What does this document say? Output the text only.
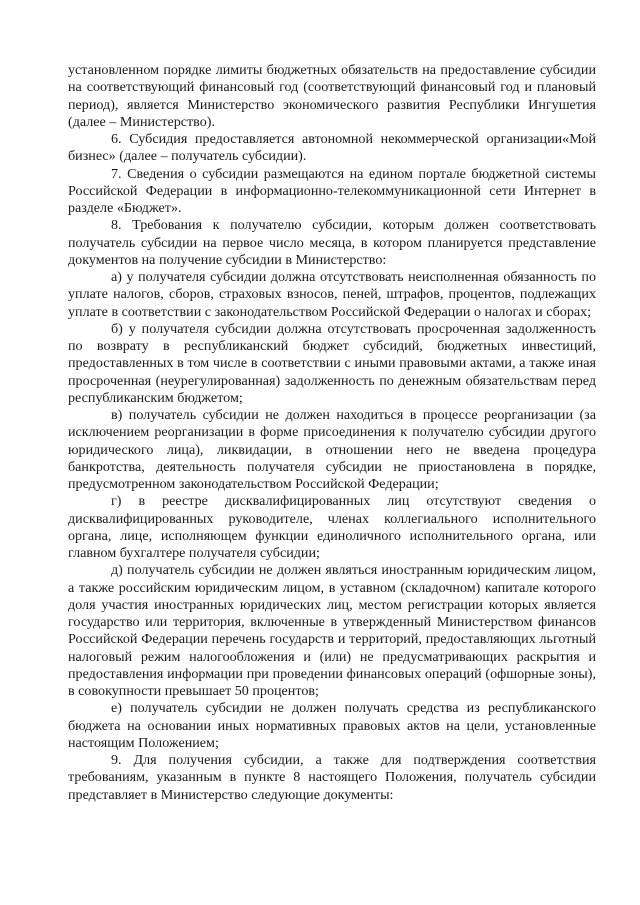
установленном порядке лимиты бюджетных обязательств на предоставление субсидии на соответствующий финансовый год (соответствующий финансовый год и плановый период), является Министерство экономического развития Республики Ингушетия (далее – Министерство).

6. Субсидия предоставляется автономной некоммерческой организации«Мой бизнес» (далее – получатель субсидии).

7. Сведения о субсидии размещаются на едином портале бюджетной системы Российской Федерации в информационно-телекоммуникационной сети Интернет в разделе «Бюджет».

8. Требования к получателю субсидии, которым должен соответствовать получатель субсидии на первое число месяца, в котором планируется представление документов на получение субсидии в Министерство:

а) у получателя субсидии должна отсутствовать неисполненная обязанность по уплате налогов, сборов, страховых взносов, пеней, штрафов, процентов, подлежащих уплате в соответствии с законодательством Российской Федерации о налогах и сборах;

б) у получателя субсидии должна отсутствовать просроченная задолженность по возврату в республиканский бюджет субсидий, бюджетных инвестиций, предоставленных в том числе в соответствии с иными правовыми актами, а также иная просроченная (неурегулированная) задолженность по денежным обязательствам перед республиканским бюджетом;

в) получатель субсидии не должен находиться в процессе реорганизации (за исключением реорганизации в форме присоединения к получателю субсидии другого юридического лица), ликвидации, в отношении него не введена процедура банкротства, деятельность получателя субсидии не приостановлена в порядке, предусмотренном законодательством Российской Федерации;

г) в реестре дисквалифицированных лиц отсутствуют сведения о дисквалифицированных руководителе, членах коллегиального исполнительного органа, лице, исполняющем функции единоличного исполнительного органа, или главном бухгалтере получателя субсидии;

д) получатель субсидии не должен являться иностранным юридическим лицом, а также российским юридическим лицом, в уставном (складочном) капитале которого доля участия иностранных юридических лиц, местом регистрации которых является государство или территория, включенные в утвержденный Министерством финансов Российской Федерации перечень государств и территорий, предоставляющих льготный налоговый режим налогообложения и (или) не предусматривающих раскрытия и предоставления информации при проведении финансовых операций (офшорные зоны), в совокупности превышает 50 процентов;

е) получатель субсидии не должен получать средства из республиканского бюджета на основании иных нормативных правовых актов на цели, установленные настоящим Положением;

9. Для получения субсидии, а также для подтверждения соответствия требованиям, указанным в пункте 8 настоящего Положения, получатель субсидии представляет в Министерство следующие документы:
